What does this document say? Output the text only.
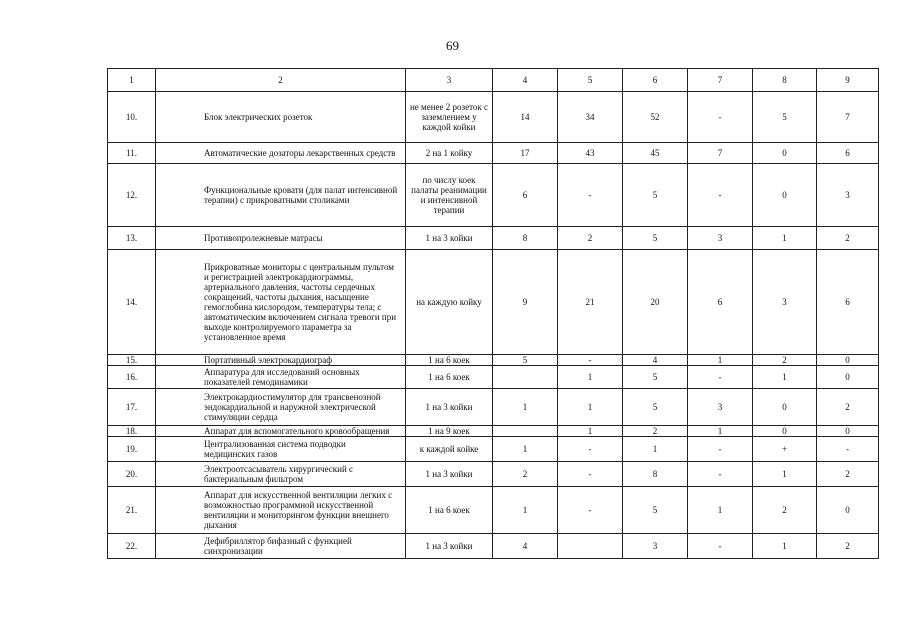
69
1	2	3	4	5	6	7	8	9
10.	Блок электрических розеток	не менее 2 розеток с заземлением у каждой койки	14	34	52	-	5	7
11.	Автоматические дозаторы лекарственных средств	2 на 1 койку	17	43	45	7	0	6
12.	Функциональные кровати (для палат интенсивной терапии) с прикроватными столиками	по числу коек палаты реанимации и интенсивной терапии	6	-	5	-	0	3
13.	Противопролежневые матрасы	1 на 3 койки	8	2	5	3	1	2
14.	Прикроватные мониторы с центральным пультом и регистрацией электрокардиограммы, артериального давления, частоты сердечных сокращений, частоты дыхания, насыщение гемоглобина кислородом, температуры тела; с автоматическим включением сигнала тревоги при выходе контролируемого параметра за установленное время	на каждую койку	9	21	20	6	3	6
15.	Портативный электрокардиограф	1 на 6 коек	5	-	4	1	2	0
16.	Аппаратура для исследований основных показателей гемодинамики	1 на 6 коек		1	5	-	1	0
17.	Электрокардиостимулятор для трансвенозной эндокардиальной и наружной электрической стимуляции сердца	1 на 3 койки	1	1	5	3	0	2
18.	Аппарат для вспомогательного кровообращения	1 на 9 коек		1	2	1	0	0
19.	Централизованная система подводки медицинских газов	к каждой койке	1	-	1	-	+	-
20.	Электроотсасыватель хирургический с бактериальным фильтром	1 на 3 койки	2	-	8	-	1	2
21.	Аппарат для искусственной вентиляции легких с возможностью программной искусственной вентиляции и мониторингом функции внешнего дыхания	1 на 6 коек	1	-	5	1	2	0
22.	Дефибриллятор бифазный с функцией синхронизации	1 на 3 койки	4		3	-	1	2
